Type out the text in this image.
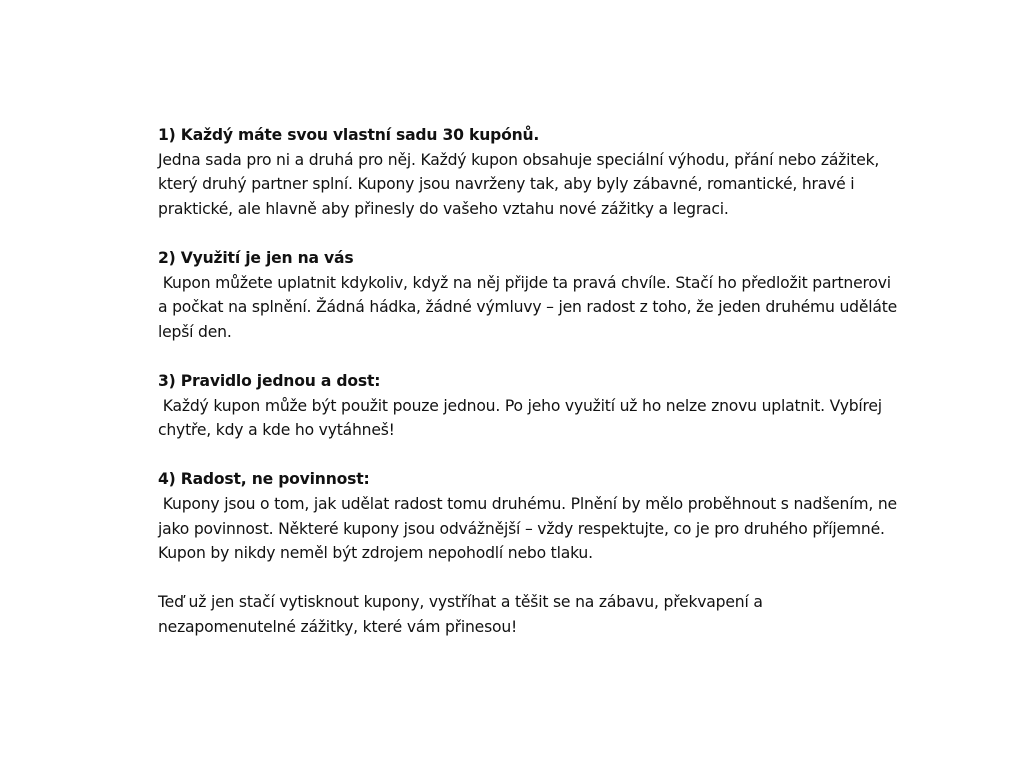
1) Každý máte svou vlastní sadu 30 kupónů.
Jedna sada pro ni a druhá pro něj. Každý kupon obsahuje speciální výhodu, přání nebo zážitek, který druhý partner splní. Kupony jsou navrženy tak, aby byly zábavné, romantické, hravé i praktické, ale hlavně aby přinesly do vašeho vztahu nové zážitky a legraci.
2) Využití je jen na vás
Kupon můžete uplatnit kdykoliv, když na něj přijde ta pravá chvíle. Stačí ho předložit partnerovi a počkat na splnění. Žádná hádka, žádné výmluvy – jen radost z toho, že jeden druhému uděláte lepší den.
3) Pravidlo jednou a dost:
Každý kupon může být použit pouze jednou. Po jeho využití už ho nelze znovu uplatnit. Vybírej chytře, kdy a kde ho vytáhneš!
4) Radost, ne povinnost:
Kupony jsou o tom, jak udělat radost tomu druhému. Plnění by mělo proběhnout s nadšením, ne jako povinnost. Některé kupony jsou odvážnější – vždy respektujte, co je pro druhého příjemné. Kupon by nikdy neměl být zdrojem nepohodlí nebo tlaku.

Teď už jen stačí vytisknout kupony, vystříhat a těšit se na zábavu, překvapení a nezapomenutelné zážitky, které vám přinesou!
